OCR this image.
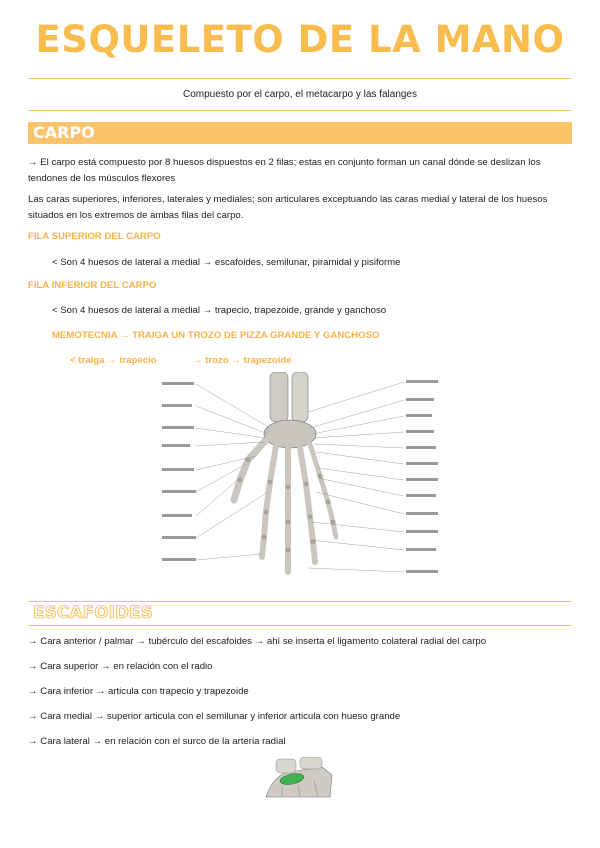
ESQUELETO DE LA MANO
Compuesto por el carpo, el metacarpo y las falanges
CARPO
→ El carpo está compuesto por 8 huesos dispuestos en 2 filas; estas en conjunto forman un canal dónde se deslizan los tendones de los músculos flexores
Las caras superiores, inferiores, laterales y mediales; son articulares exceptuando las caras medial y lateral de los huesos situados en los extremos de ambas filas del carpo.
FILA SUPERIOR DEL CARPO
< Son 4 huesos de lateral a medial → escafoides, semilunar, piramidal y pisiforme
FILA INFERIOR DEL CARPO
< Son 4 huesos de lateral a medial → trapecio, trapezoide, grande y ganchoso
MEMOTECNIA → TRAIGA UN TROZO DE PIZZA GRANDE Y GANCHOSO
< traiga → trapecio	→ trozo → trapezoide
ESCAFOIDES
→ Cara anterior / palmar → tubérculo del escafoides → ahí se inserta el ligamento colateral radial del carpo
→ Cara superior → en relación con el radio
→ Cara inferior → articula con trapecio y trapezoide
→ Cara medial → superior articula con el semilunar y inferior articula con hueso grande
→ Cara lateral → en relación con el surco de la arteria radial
